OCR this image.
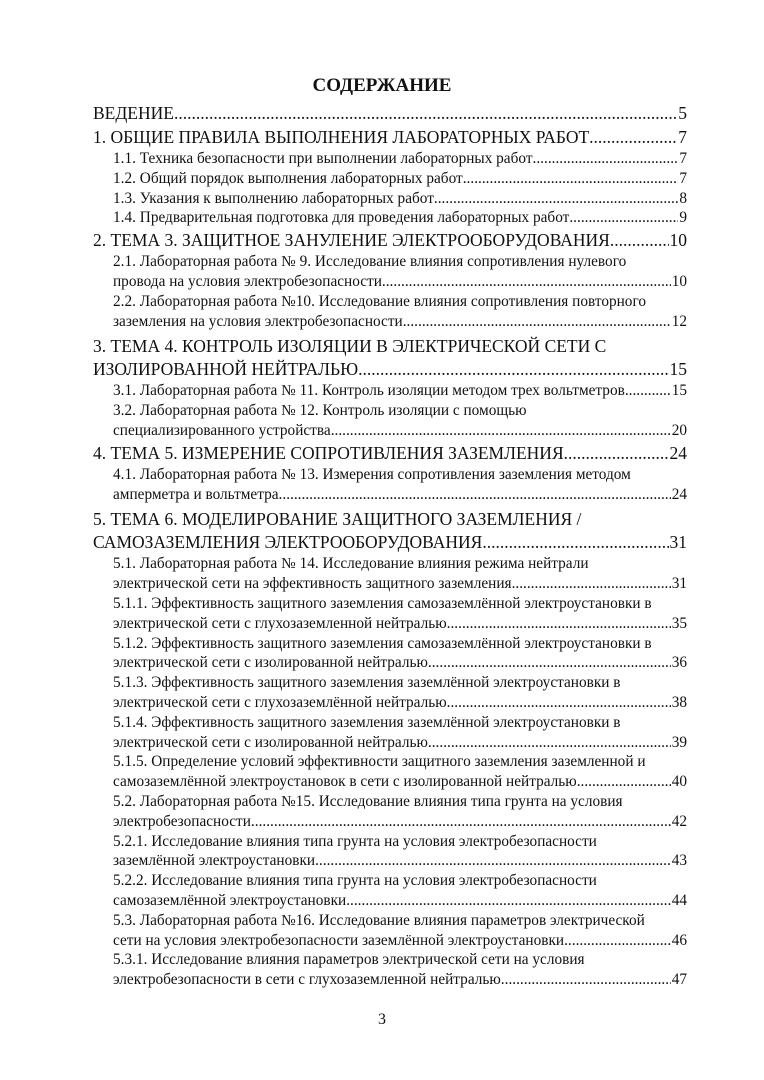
СОДЕРЖАНИЕ
ВЕДЕНИЕ .....	5
1. ОБЩИЕ ПРАВИЛА ВЫПОЛНЕНИЯ ЛАБОРАТОРНЫХ РАБОТ .....	7
1.1. Техника безопасности при выполнении лабораторных работ .....	7
1.2. Общий порядок выполнения лабораторных работ .....	7
1.3. Указания к выполнению лабораторных работ .....	8
1.4. Предварительная подготовка для проведения лабораторных работ .....	9
2. ТЕМА 3. ЗАЩИТНОЕ ЗАНУЛЕНИЕ ЭЛЕКТРООБОРУДОВАНИЯ .....	10
2.1. Лабораторная работа № 9. Исследование влияния сопротивления нулевого
провода на условия электробезопасности .....	10
2.2. Лабораторная работа №10. Исследование влияния сопротивления повторного
заземления на условия электробезопасности .....	12
3. ТЕМА 4. КОНТРОЛЬ ИЗОЛЯЦИИ В ЭЛЕКТРИЧЕСКОЙ СЕТИ С
ИЗОЛИРОВАННОЙ НЕЙТРАЛЬЮ .....	15
3.1. Лабораторная работа № 11. Контроль изоляции методом трех вольтметров .....	15
3.2. Лабораторная работа № 12. Контроль изоляции с помощью
специализированного устройства .....	20
4. ТЕМА 5. ИЗМЕРЕНИЕ СОПРОТИВЛЕНИЯ ЗАЗЕМЛЕНИЯ .....	24
4.1. Лабораторная работа № 13. Измерения сопротивления заземления методом
амперметра и вольтметра .....	24
5. ТЕМА 6. МОДЕЛИРОВАНИЕ ЗАЩИТНОГО ЗАЗЕМЛЕНИЯ /
САМОЗАЗЕМЛЕНИЯ ЭЛЕКТРООБОРУДОВАНИЯ .....	31
5.1. Лабораторная работа № 14. Исследование влияния режима нейтрали
электрической сети на эффективность защитного заземления .....	31
5.1.1. Эффективность защитного заземления самозаземлённой электроустановки в
электрической сети с глухозаземленной нейтралью .....	35
5.1.2. Эффективность защитного заземления самозаземлённой электроустановки в
электрической сети с изолированной нейтралью .....	36
5.1.3. Эффективность защитного заземления заземлённой электроустановки в
электрической сети с глухозаземлённой нейтралью .....	38
5.1.4. Эффективность защитного заземления заземлённой электроустановки в
электрической сети с изолированной нейтралью .....	39
5.1.5. Определение условий эффективности защитного заземления заземленной и
самозаземлённой электроустановок в сети с изолированной нейтралью .....	40
5.2. Лабораторная работа №15. Исследование влияния типа грунта на условия
электробезопасности .....	42
5.2.1. Исследование влияния типа грунта на условия электробезопасности
заземлённой электроустановки .....	43
5.2.2. Исследование влияния типа грунта на условия электробезопасности
самозаземлённой электроустановки .....	44
5.3. Лабораторная работа №16. Исследование влияния параметров электрической
сети на условия электробезопасности заземлённой электроустановки .....	46
5.3.1. Исследование влияния параметров электрической сети на условия
электробезопасности в сети с глухозаземленной нейтралью .....	47
3
